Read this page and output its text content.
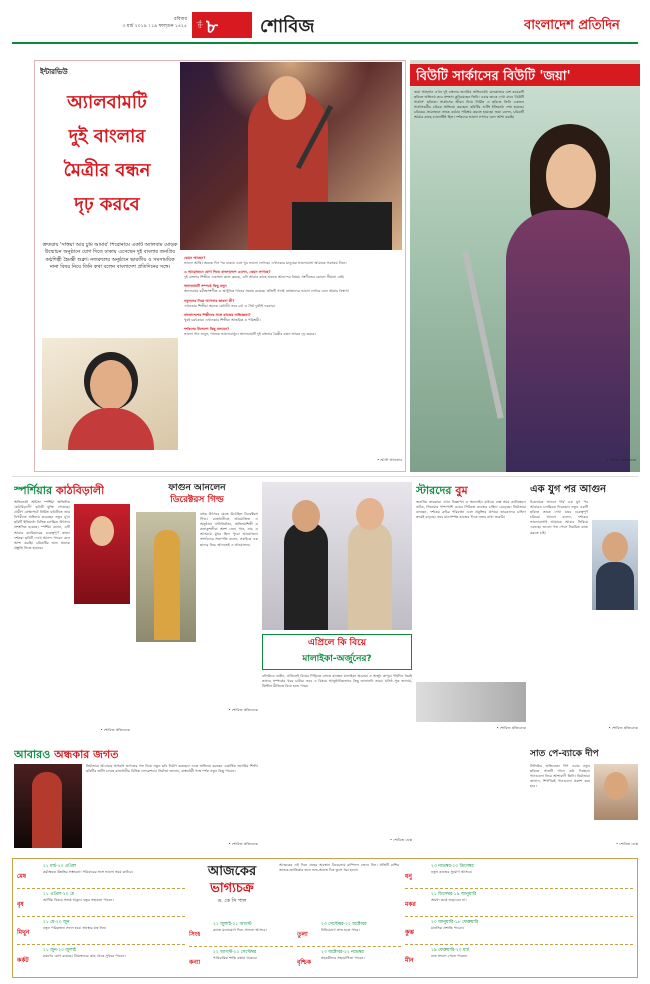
রবিবার
৩ মার্চ ২০১৯ । ১৯ ফাল্গুন ১৪২৫ পৃষ্ঠা ৮ শোবিজ	বাংলাদেশ প্রতিদিন
ইন্টারভিউ
অ্যালবামটি
দুই বাংলার
মৈত্রীর বন্ধন
দৃঢ় করবে
শ্রুতরায় 'সত্তিয়া আর চুমি আমার' শিরোনামে একটি অ্যালবাম মোড়ক উন্মোচন অনুষ্ঠানে যোগ দিতে ঢাকায় এসেছেন দুই বাংলার জনপ্রিয় কণ্ঠশিল্পী হৈমন্তী শুক্লা। নজরুলের অনুষ্ঠানে ভারতীয় ও সমসাময়িক নানা বিষয় নিয়ে তিনি কথা বলেন বাংলাদেশ প্রতিদিনের সঙ্গে।
কেমন আছেন?
ভালো আছি। অনেক দিন পর ঢাকায় এসে খুব ভালো লাগছে। এখানকার মানুষের ভালোবাসা আমাকে সবসময় টানে।
এ আয়োজনে যোগ দিতে বাংলাদেশে এলেন, কেমন লাগছে?
দুই বাংলার শিল্পীরা একসঙ্গে কাজ করছে, এটা আমার কাছে অনেক আনন্দের বিষয়। সংগীতের কোনো সীমানা নেই।
অ্যালবামটি সম্পর্কে কিছু বলুন
অ্যালবামে রবীন্দ্রসংগীত ও আধুনিক গানের সমন্বয় রয়েছে। প্রতিটি গানই শ্রোতাদের ভালো লাগবে বলে আমার বিশ্বাস।
নতুনদের নিয়ে আপনার ভাবনা কী?
এখনকার শিল্পীরা অনেক মেধাবী। তবে চর্চা ও ধৈর্য দুটোই দরকার।
বাংলাদেশের শিল্পীদের সঙ্গে কাজের অভিজ্ঞতা?
খুবই চমৎকার। এখানকার শিল্পীরা আন্তরিক ও পরিশ্রমী।
দর্শকদের উদ্দেশ্যে কিছু বলবেন?
ভালো গান শুনুন, গানকে ভালোবাসুন। অ্যালবামটি দুই বাংলার মৈত্রীর বন্ধন আরও দৃঢ় করবে।
• আলী আফতাব
বিউটি সার্কাসের বিউটি 'জয়া'
জয়া আহসান এখন দুই বাংলার জনপ্রিয় অভিনেত্রী। কলকাতার বেশ কয়েকটি ছবিতে অভিনয় করে প্রশংসা কুড়িয়েছেন তিনি। এবার তাকে দেখা যাবে 'বিউটি সার্কাস' ছবিতে। সার্কাসের জীবন নিয়ে নির্মিত এ ছবিতে তিনি একজন সার্কাসকর্মীর চরিত্রে অভিনয় করছেন। ছবিটির শুটিং ইতিমধ্যে শেষ হয়েছে। চরিত্রের প্রয়োজনে তাকে কঠোর পরিশ্রম করতে হয়েছে। জয়া বলেন, চরিত্রটি আমার কাছে চ্যালেঞ্জিং ছিল। দর্শকদের ভালো লাগবে বলে আশা করছি।
• শোবিজ প্রতিবেদক
স্পর্শিয়ার কাঠবিড়ালী
অভিনেত্রী অর্চিতা স্পর্শিয়া অভিনীত 'কাঠবিড়ালী' ছবিটি মুক্তি পেয়েছে। গ্রামীণ প্রেক্ষাপটে নির্মিত ছবিটিতে তার বিপরীতে অভিনয় করেছেন নতুন মুখ। ছবিটি ইতিমধ্যে বিভিন্ন চলচ্চিত্র উৎসবে প্রশংসিত হয়েছে। স্পর্শিয়া বলেন, এটি আমার ক্যারিয়ারের গুরুত্বপূর্ণ কাজ। দর্শকরা ছবিটি দেখে আনন্দ পাবেন বলে আশা করছি। চরিত্রটির জন্য অনেক প্রস্তুতি নিতে হয়েছে।
• শোবিজ প্রতিবেদক
ফাগুন আনলেন
ডিরেক্টরস গিল্ড
বসন্ত উৎসবে মেতে উঠেছিল ডিরেক্টরস গিল্ড। রাজধানীতে আয়োজিত এ অনুষ্ঠানে নাট্যনির্মাতা, অভিনয়শিল্পী ও কলাকুশলীরা অংশ নেন। গান, নাচ ও আড্ডায় মুখর ছিল পুরো আয়োজন। সংগঠনের সভাপতি বলেন, সবাইকে এক ছাদের নিচে আনতেই এ আয়োজন।
• শোবিজ প্রতিবেদক
স্টারদের বুম
জনপ্রিয় তারকারা এখন বিজ্ঞাপন ও অনলাইন মাধ্যমে ব্যস্ত সময় কাটাচ্ছেন। নাটক, সিনেমার পাশাপাশি ওয়েব সিরিজে কাজের চাহিদা বেড়েছে। নির্মাতারা বলছেন, দর্শকের রুচির পরিবর্তন এবং প্রযুক্তির প্রসারে তারকাদের চাহিদা ক্রমেই বাড়ছে। তবে মানসম্পন্ন কাজের দিকে নজর রাখা জরুরি।
• শোবিজ প্রতিবেদক
এক যুগ পর আগুন
চিত্রনায়ক আগুন দীর্ঘ এক যুগ পর আবারও চলচ্চিত্রে ফিরছেন। নতুন একটি ছবিতে তাকে দেখা যাবে গুরুত্বপূর্ণ চরিত্রে। আগুন বলেন, দর্শকের ভালোবাসাই আমাকে আবার ফিরিয়ে এনেছে। ভালো গল্প পেলে নিয়মিত কাজ করতে চাই।
• শোবিজ প্রতিবেদক
আবারও অন্ধকার জগত
নির্মাতারা আবারও অপরাধ জগতের গল্প নিয়ে নতুন ছবি নির্মাণ করছেন। এতে অভিনয় করছেন একাধিক জনপ্রিয় শিল্পী। ছবিটির শুটিং চলছে রাজধানীর বিভিন্ন লোকেশনে। নির্মাতা জানান, বাস্তবধর্মী গল্পে দর্শক নতুন কিছু পাবেন।
• শোবিজ প্রতিবেদক
এপ্রিলে কি বিয়ে
মালাইকা-অর্জুনের?
বলিউডে গুঞ্জন, এপ্রিলেই বিয়ের পিঁড়িতে বসতে যাচ্ছেন মালাইকা অরোরা ও অর্জুন কাপুর। দীর্ঘদিন ধরেই তাদের সম্পর্কের খবর চাউর। তবে এ বিষয়ে আনুষ্ঠানিকভাবে কিছু জানাননি তারা। ঘনিষ্ঠ সূত্র জানায়, খ্রিস্টান রীতিতে বিয়ে হতে পারে।
• শোবিজ ডেস্ক
সাত পে-ব্যাকে দীপ
টালিউড অভিনেতা দীপ এবার নতুন ছবিতে সাতটি গানে কণ্ঠ দিচ্ছেন। গানগুলো নিয়ে আশাবাদী তিনি। নির্মাতারা জানান, শিগগিরই গানগুলো প্রকাশ করা হবে।
• শোবিজ ডেস্ক
আজকের
ভাগ্যচক্র
ড. কে সি পাল
আজকের এই দিনে গ্রহের অবস্থান বিবেচনায় রাশিফল জেনে নিন। প্রতিটি রাশির জাতক-জাতিকার জন্য শুভ-অশুভ দিক তুলে ধরা হলো।
মেষ
২১ মার্চ-২০ এপ্রিল
কর্মক্ষেত্রে উন্নতির সম্ভাবনা। পরিবারের সঙ্গে ভালো সময় কাটবে।
বৃষ
২১ এপ্রিল-২০ মে
আর্থিক বিষয়ে সতর্ক থাকুন। বন্ধুর সহায়তা পাবেন।
মিথুন
২১ মে-২০ জুন
নতুন পরিকল্পনা সফল হবে। স্বাস্থ্যের যত্ন নিন।
কর্কট
২১ জুন-২০ জুলাই
ভ্রমণের যোগ রয়েছে। প্রিয়জনের কাছ থেকে সুখবর পাবেন।
সিংহ
২১ জুলাই-২১ আগস্ট
কাজে মনোযোগ দিন। সাফল্য আসবে।
কন্যা
২২ আগস্ট-২২ সেপ্টেম্বর
পারিবারিক শান্তি বজায় থাকবে।
তুলা
২৩ সেপ্টেম্বর-২২ অক্টোবর
বিনিয়োগে লাভ হতে পারে।
বৃশ্চিক
২৩ অক্টোবর-২২ নভেম্বর
সহকর্মীদের সহযোগিতা পাবেন।
ধনু
২৩ নভেম্বর-২০ ডিসেম্বর
নতুন কাজের সুযোগ আসবে।
মকর
২১ ডিসেম্বর-১৯ জানুয়ারি
অযথা তর্কে জড়াবেন না।
কুম্ভ
২০ জানুয়ারি-১৮ ফেব্রুয়ারি
মানসিক প্রশান্তি পাবেন।
মীন
১৯ ফেব্রুয়ারি-২০ মার্চ
শুভ সংবাদ পেতে পারেন।
